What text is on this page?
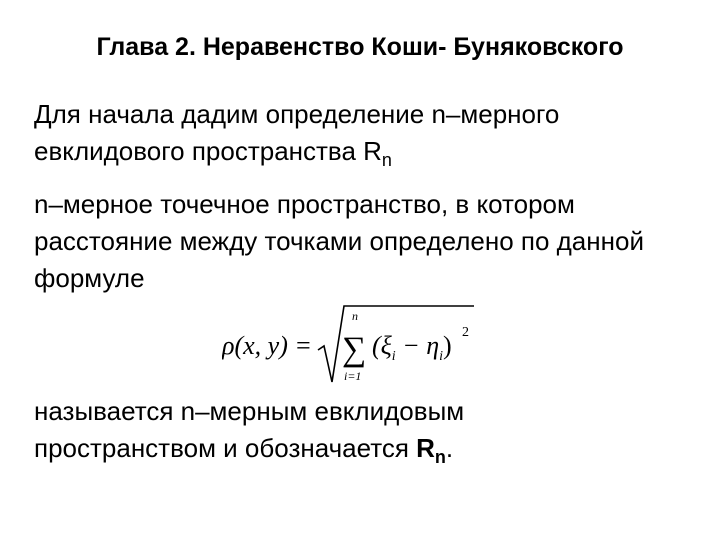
Глава 2. Неравенство Коши- Буняковского
Для начала дадим определение n–мерного
евклидового пространства $R_n$
n–мерное точечное пространство, в котором расстояние между точками определено по данной формуле
ρ(x, y) =
n
∑
i=1
$(\xi_i - \eta_i)$ 2
называется n–мерным евклидовым
пространством и обозначается $R_n$.
